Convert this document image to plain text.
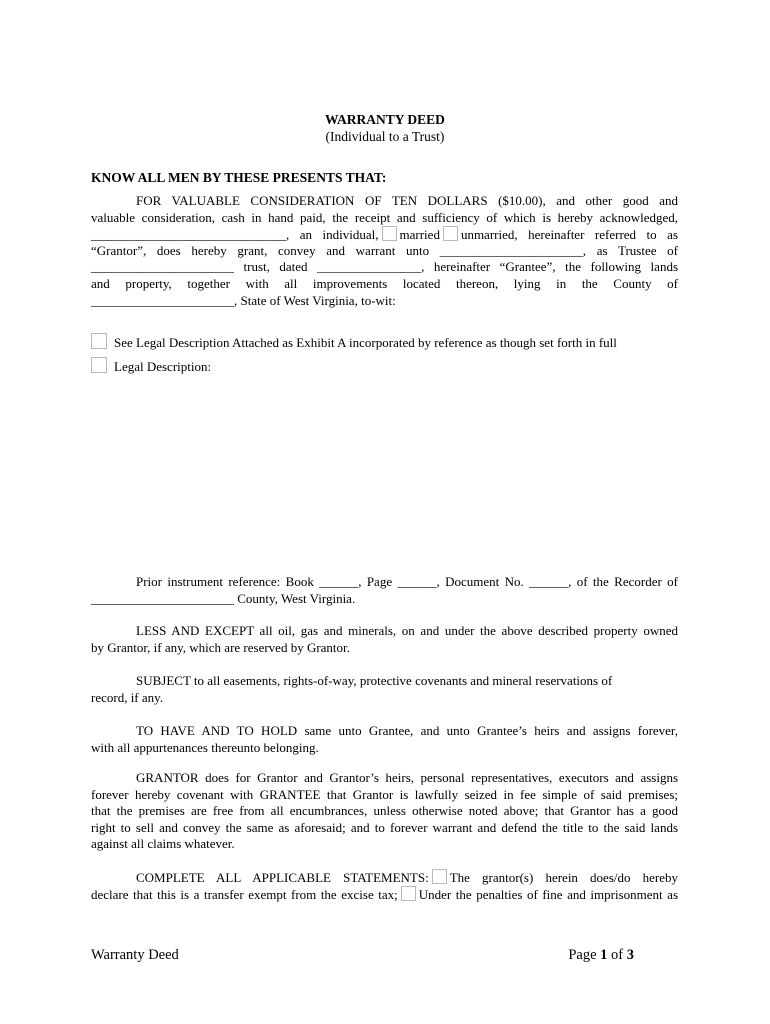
WARRANTY DEED
(Individual to a Trust)
KNOW ALL MEN BY THESE PRESENTS THAT:
FOR VALUABLE CONSIDERATION OF TEN DOLLARS ($10.00), and other good and
valuable consideration, cash in hand paid, the receipt and sufficiency of which is hereby acknowledged,
______________________________, an individual, married unmarried, hereinafter referred to as
“Grantor”, does hereby grant, convey and warrant unto ______________________, as Trustee of
______________________ trust, dated ________________, hereinafter “Grantee”, the following lands
and property, together with all improvements located thereon, lying in the County of
______________________, State of West Virginia, to-wit:
See Legal Description Attached as Exhibit A incorporated by reference as though set forth in full
Legal Description:
Prior instrument reference: Book ______, Page ______, Document No. ______, of the Recorder of
______________________ County, West Virginia.
LESS AND EXCEPT all oil, gas and minerals, on and under the above described property owned
by Grantor, if any, which are reserved by Grantor.
SUBJECT to all easements, rights-of-way, protective covenants and mineral reservations of
record, if any.
TO HAVE AND TO HOLD same unto Grantee, and unto Grantee’s heirs and assigns forever,
with all appurtenances thereunto belonging.
GRANTOR does for Grantor and Grantor’s heirs, personal representatives, executors and assigns
forever hereby covenant with GRANTEE that Grantor is lawfully seized in fee simple of said premises;
that the premises are free from all encumbrances, unless otherwise noted above; that Grantor has a good
right to sell and convey the same as aforesaid; and to forever warrant and defend the title to the said lands
against all claims whatever.
COMPLETE ALL APPLICABLE STATEMENTS: The grantor(s) herein does/do hereby
declare that this is a transfer exempt from the excise tax; Under the penalties of fine and imprisonment as
Warranty Deed	Page 1 of 3
